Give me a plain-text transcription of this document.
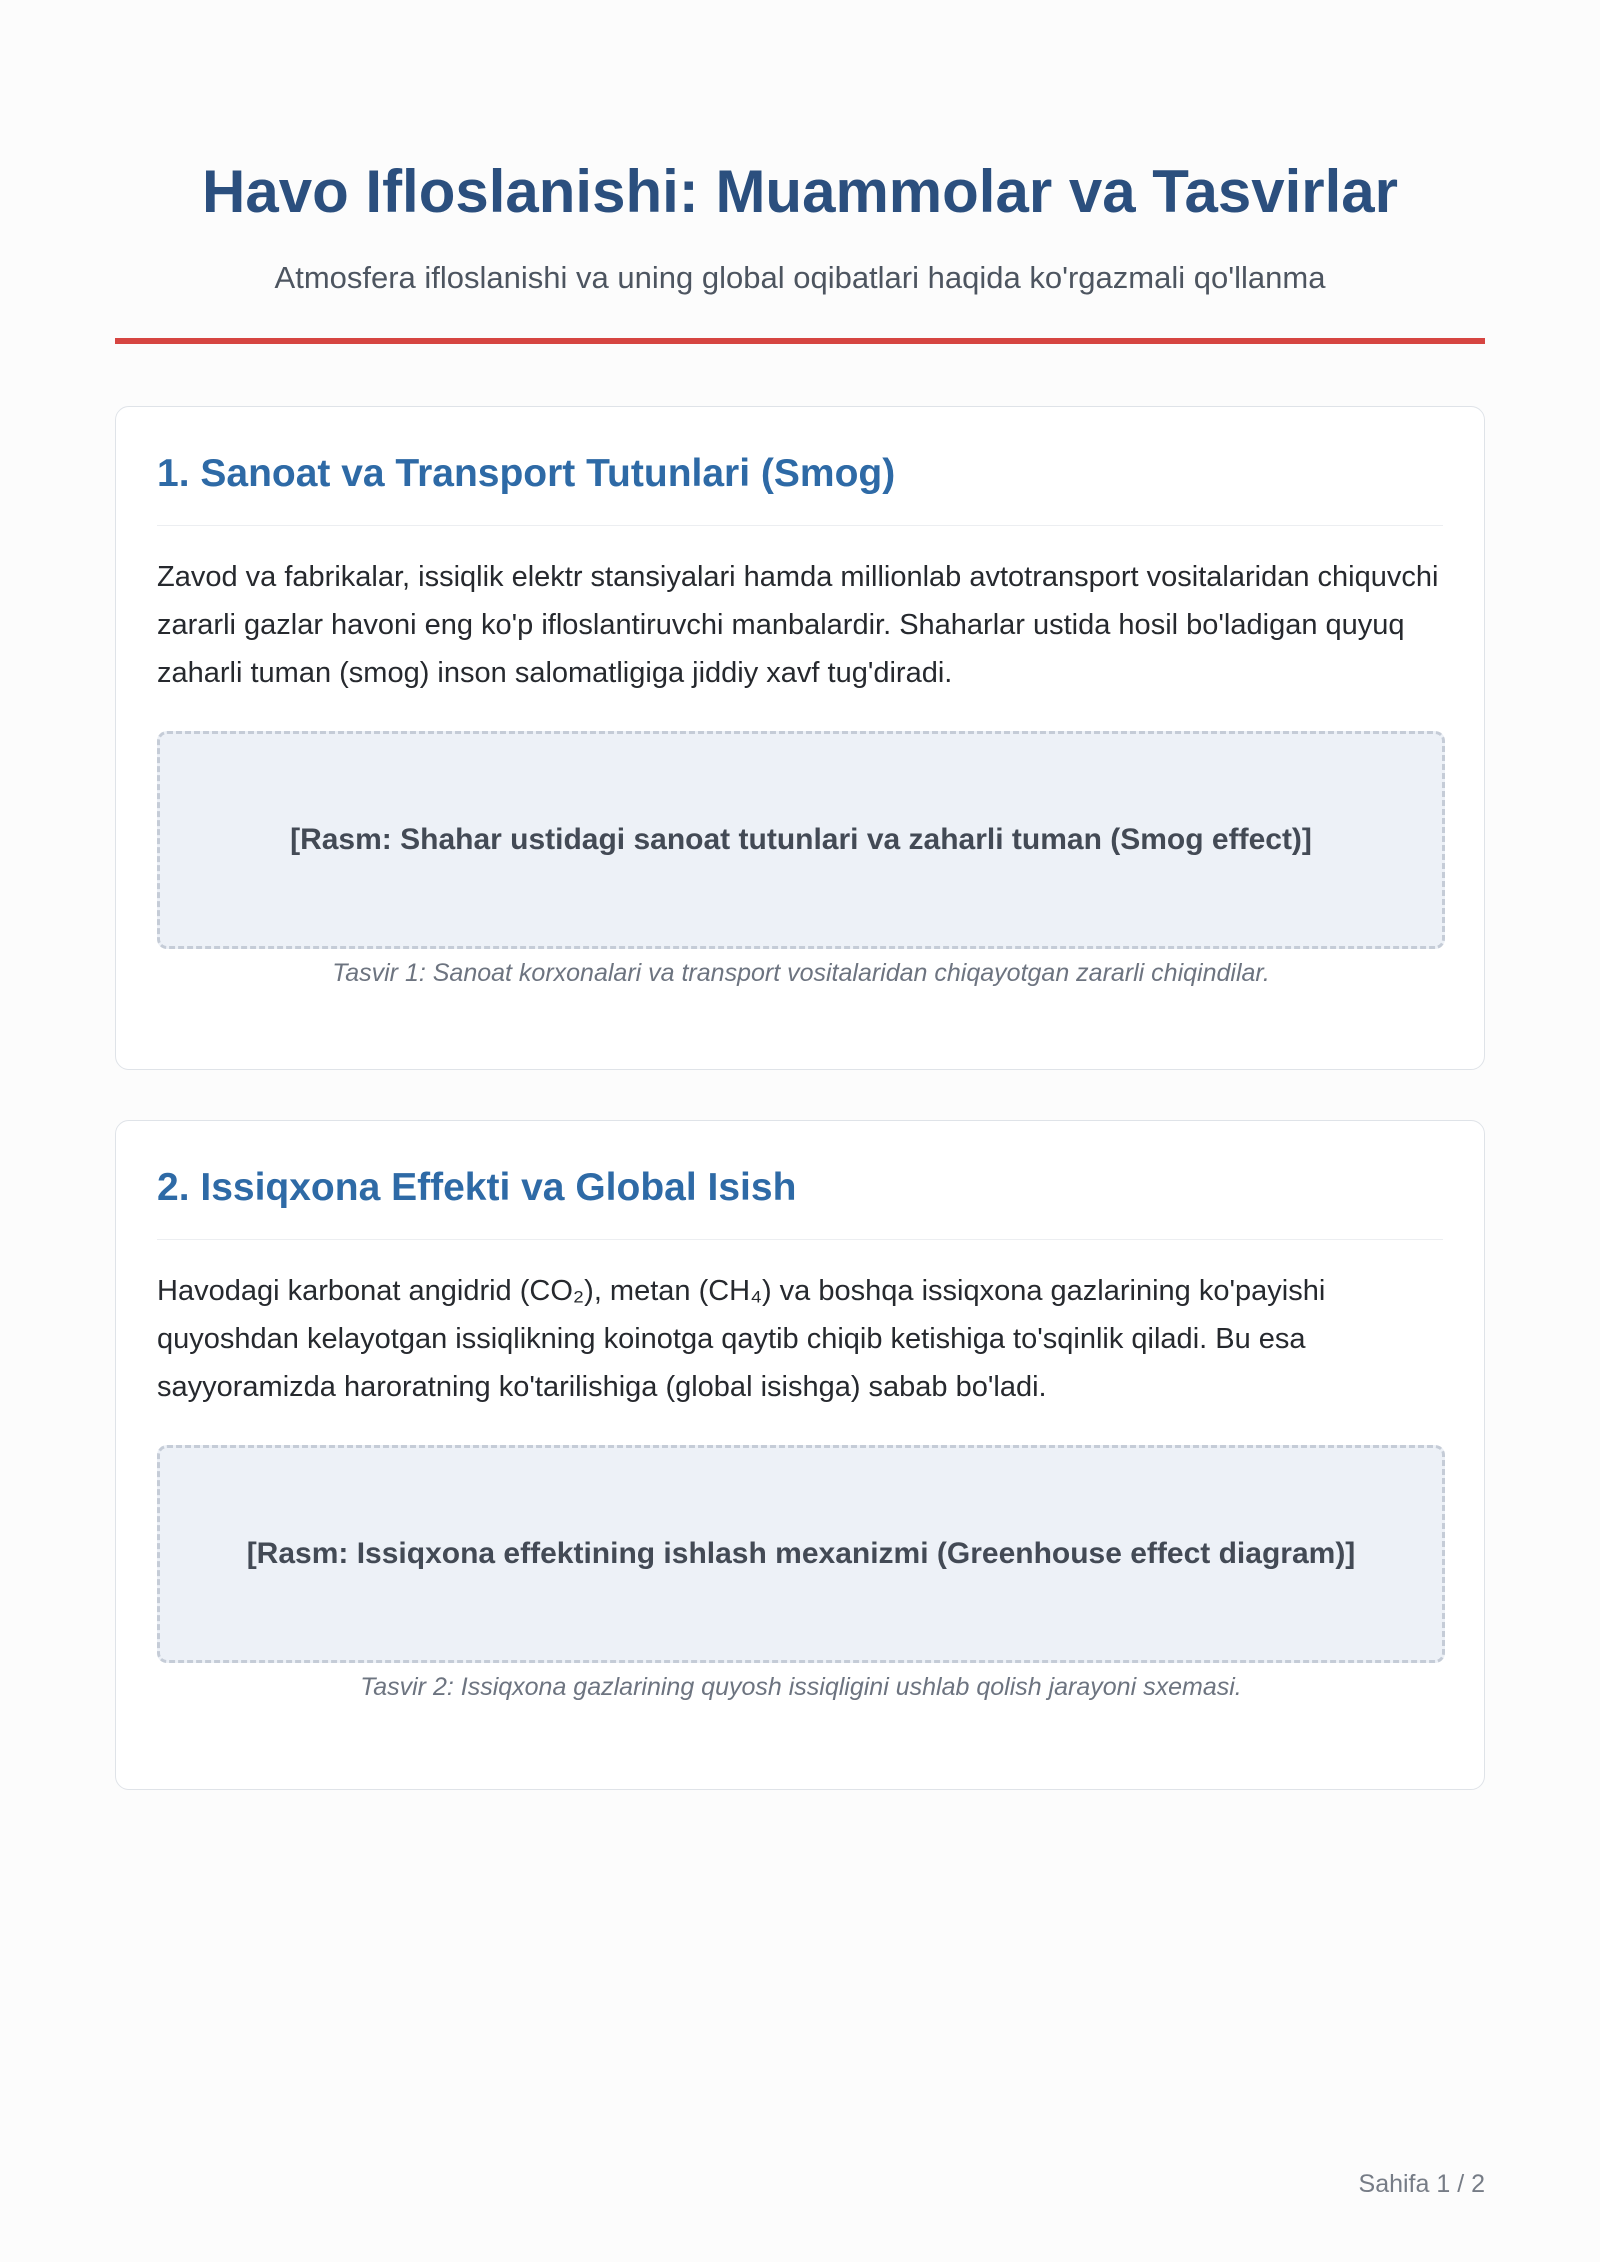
Havo Ifloslanishi: Muammolar va Tasvirlar
Atmosfera ifloslanishi va uning global oqibatlari haqida ko'rgazmali qo'llanma
1. Sanoat va Transport Tutunlari (Smog)

Zavod va fabrikalar, issiqlik elektr stansiyalari hamda millionlab avtotransport vositalaridan chiquvchi zararli gazlar havoni eng ko'p ifloslantiruvchi manbalardir. Shaharlar ustida hosil bo'ladigan quyuq zaharli tuman (smog) inson salomatligiga jiddiy xavf tug'diradi.

[Rasm: Shahar ustidagi sanoat tutunlari va zaharli tuman (Smog effect)]
Tasvir 1: Sanoat korxonalari va transport vositalaridan chiqayotgan zararli chiqindilar.
2. Issiqxona Effekti va Global Isish

Havodagi karbonat angidrid (CO₂), metan (CH₄) va boshqa issiqxona gazlarining ko'payishi quyoshdan kelayotgan issiqlikning koinotga qaytib chiqib ketishiga to'sqinlik qiladi. Bu esa sayyoramizda haroratning ko'tarilishiga (global isishga) sabab bo'ladi.

[Rasm: Issiqxona effektining ishlash mexanizmi (Greenhouse effect diagram)]
Tasvir 2: Issiqxona gazlarining quyosh issiqligini ushlab qolish jarayoni sxemasi.
Sahifa 1 / 2
